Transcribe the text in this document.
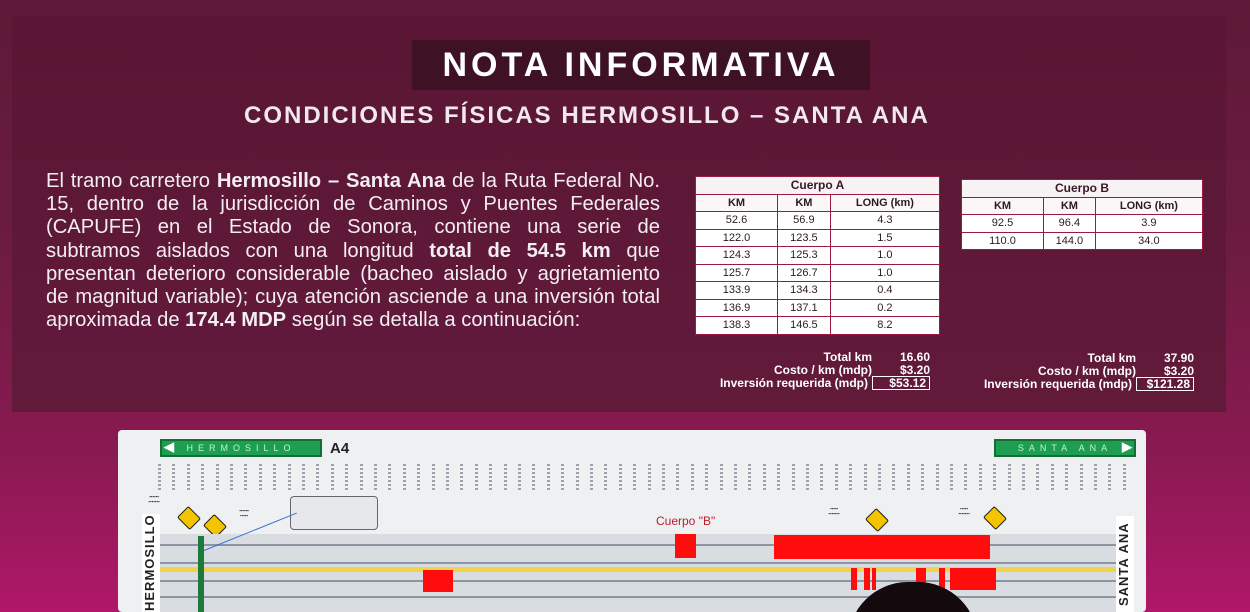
NOTA INFORMATIVA
CONDICIONES FÍSICAS HERMOSILLO – SANTA ANA
El tramo carretero Hermosillo – Santa Ana de la Ruta Federal No. 15, dentro de la jurisdicción de Caminos y Puentes Federales (CAPUFE) en el Estado de Sonora, contiene una serie de subtramos aislados con una longitud total de 54.5 km que presentan deterioro considerable (bacheo aislado y agrietamiento de magnitud variable); cuya atención asciende a una inversión total aproximada de 174.4 MDP según se detalla a continuación:
Cuerpo A		
KM	KM	LONG (km)
52.6	56.9	4.3
122.0	123.5	1.5
124.3	125.3	1.0
125.7	126.7	1.0
133.9	134.3	0.4
136.9	137.1	0.2
138.3	146.5	8.2
Cuerpo B		
KM	KM	LONG (km)
92.5	96.4	3.9
110.0	144.0	34.0
Total km	16.60
Costo / km (mdp)	$3.20
Inversión requerida (mdp)	$53.12
Total km	37.90
Costo / km (mdp)	$3.20
Inversión requerida (mdp)	$121.28
HERMOSILLO
◀	SANTA ANA ▶
A4
▪▪▪▪▪▪
▪▪▪▪▪▪▪
▪▪▪▪▪▪
▪▪▪▪▪	Cuerpo "B"
▪▪▪▪▪
▪▪▪▪▪▪▪
▪▪▪▪▪
▪▪▪▪▪▪▪
HERMOSILLO	SANTA ANA
